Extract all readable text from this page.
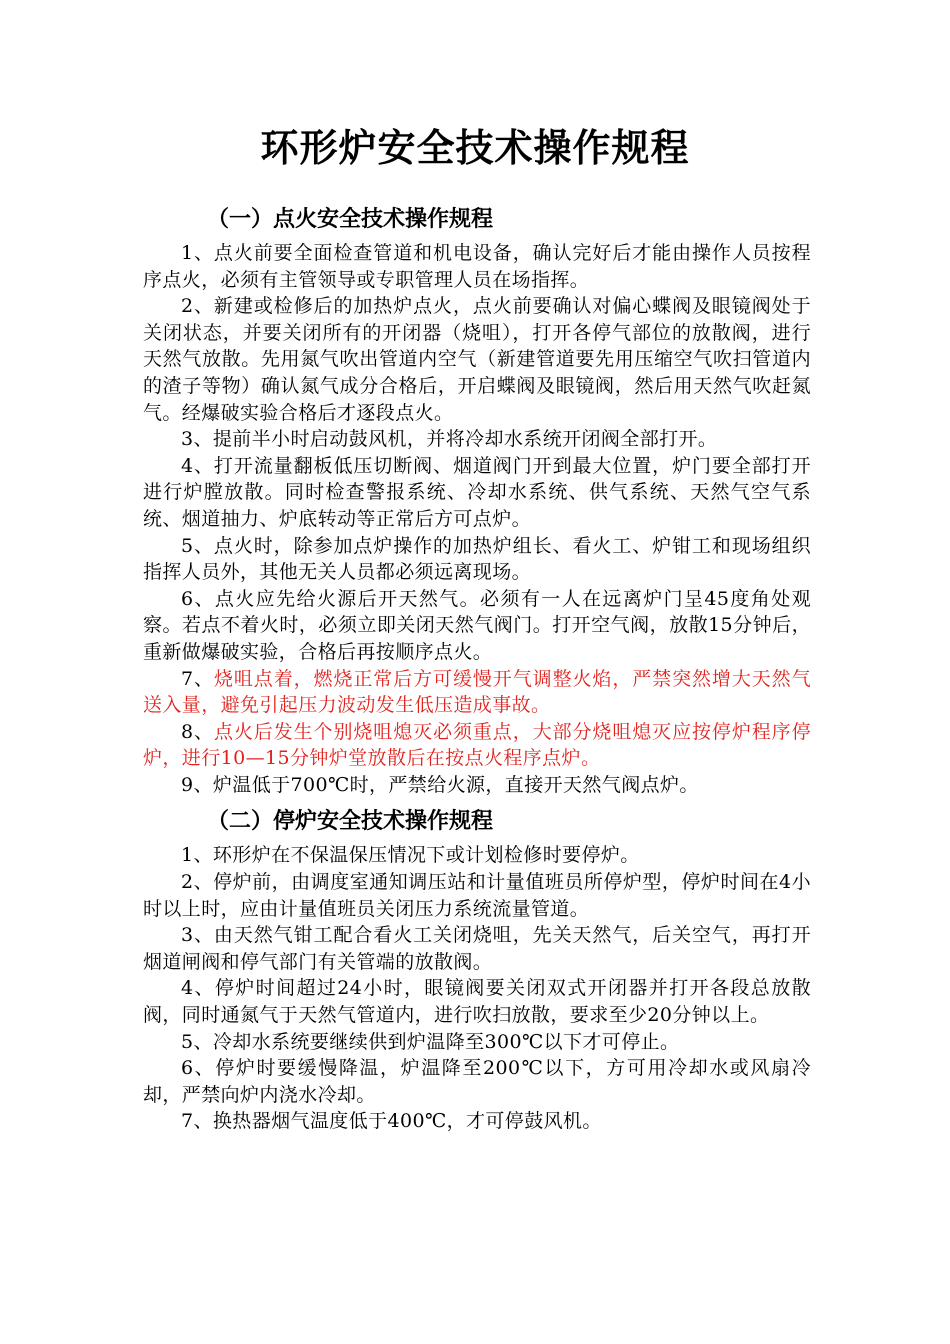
环形炉安全技术操作规程
（一）点火安全技术操作规程

1、点火前要全面检查管道和机电设备，确认完好后才能由操作人员按程序点火，必须有主管领导或专职管理人员在场指挥。

2、新建或检修后的加热炉点火，点火前要确认对偏心蝶阀及眼镜阀处于关闭状态，并要关闭所有的开闭器（烧咀），打开各停气部位的放散阀，进行天然气放散。先用氮气吹出管道内空气（新建管道要先用压缩空气吹扫管道内的渣子等物）确认氮气成分合格后，开启蝶阀及眼镜阀，然后用天然气吹赶氮气。经爆破实验合格后才逐段点火。

3、提前半小时启动鼓风机，并将冷却水系统开闭阀全部打开。

4、打开流量翻板低压切断阀、烟道阀门开到最大位置，炉门要全部打开进行炉膛放散。同时检查警报系统、冷却水系统、供气系统、天然气空气系统、烟道抽力、炉底转动等正常后方可点炉。

5、点火时，除参加点炉操作的加热炉组长、看火工、炉钳工和现场组织指挥人员外，其他无关人员都必须远离现场。

6、点火应先给火源后开天然气。必须有一人在远离炉门呈45度角处观察。若点不着火时，必须立即关闭天然气阀门。打开空气阀，放散15分钟后，重新做爆破实验，合格后再按顺序点火。

7、烧咀点着，燃烧正常后方可缓慢开气调整火焰，严禁突然增大天然气送入量，避免引起压力波动发生低压造成事故。

8、点火后发生个别烧咀熄灭必须重点，大部分烧咀熄灭应按停炉程序停炉，进行10—15分钟炉堂放散后在按点火程序点炉。

9、炉温低于700℃时，严禁给火源，直接开天然气阀点炉。

（二）停炉安全技术操作规程

1、环形炉在不保温保压情况下或计划检修时要停炉。

2、停炉前，由调度室通知调压站和计量值班员所停炉型，停炉时间在4小时以上时，应由计量值班员关闭压力系统流量管道。

3、由天然气钳工配合看火工关闭烧咀，先关天然气，后关空气，再打开烟道闸阀和停气部门有关管端的放散阀。

4、停炉时间超过24小时，眼镜阀要关闭双式开闭器并打开各段总放散阀，同时通氮气于天然气管道内，进行吹扫放散，要求至少20分钟以上。

5、冷却水系统要继续供到炉温降至300℃以下才可停止。

6、停炉时要缓慢降温，炉温降至200℃以下，方可用冷却水或风扇冷却，严禁向炉内浇水冷却。

7、换热器烟气温度低于400℃，才可停鼓风机。
